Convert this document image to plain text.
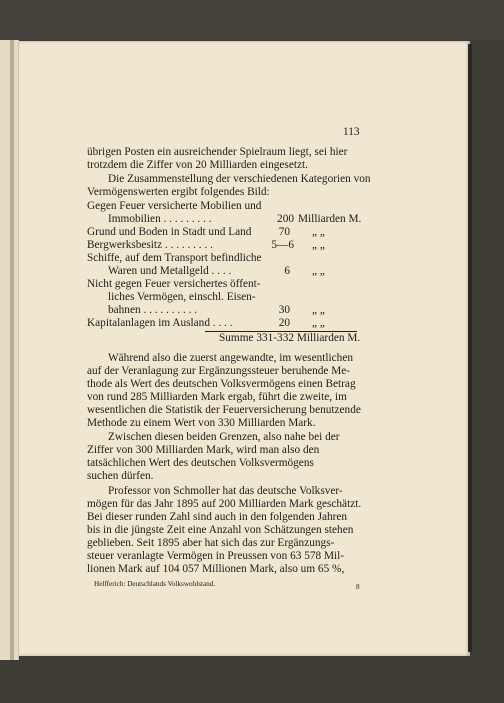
113
übrigen Posten ein ausreichender Spielraum liegt, sei hier
trotzdem die Ziffer von 20 Milliarden eingesetzt.
Die Zusammenstellung der verschiedenen Kategorien von
Vermögenswerten ergibt folgendes Bild:
Gegen Feuer versicherte Mobilien und
Immobilien . . . . . . . . .	200 Milliarden M.
Grund und Boden in Stadt und Land	70 „ „
Bergwerksbesitz . . . . . . . . .	5—6 „ „
Schiffe, auf dem Transport befindliche
Waren und Metallgeld . . . .	6 „ „
Nicht gegen Feuer versichertes öffent-
liches Vermögen, einschl. Eisen-
bahnen . . . . . . . . . .	30 „ „
Kapitalanlagen im Ausland . . . .	20 „ „
Summe 331-332 Milliarden M.
Während also die zuerst angewandte, im wesentlichen
auf der Veranlagung zur Ergänzungssteuer beruhende Me-
thode als Wert des deutschen Volksvermögens einen Betrag
von rund 285 Milliarden Mark ergab, führt die zweite, im
wesentlichen die Statistik der Feuerversicherung benutzende
Methode zu einem Wert von 330 Milliarden Mark.
Zwischen diesen beiden Grenzen, also nahe bei der
Ziffer von 300 Milliarden Mark, wird man also den
tatsächlichen Wert des deutschen Volksvermögens
suchen dürfen.
Professor von Schmoller hat das deutsche Volksver-
mögen für das Jahr 1895 auf 200 Milliarden Mark geschätzt.
Bei dieser runden Zahl sind auch in den folgenden Jahren
bis in die jüngste Zeit eine Anzahl von Schätzungen stehen
geblieben. Seit 1895 aber hat sich das zur Ergänzungs-
steuer veranlagte Vermögen in Preussen von 63 578 Mil-
lionen Mark auf 104 057 Millionen Mark, also um 65 %,
Helfferich: Deutschlands Volkswohlstand.	8
